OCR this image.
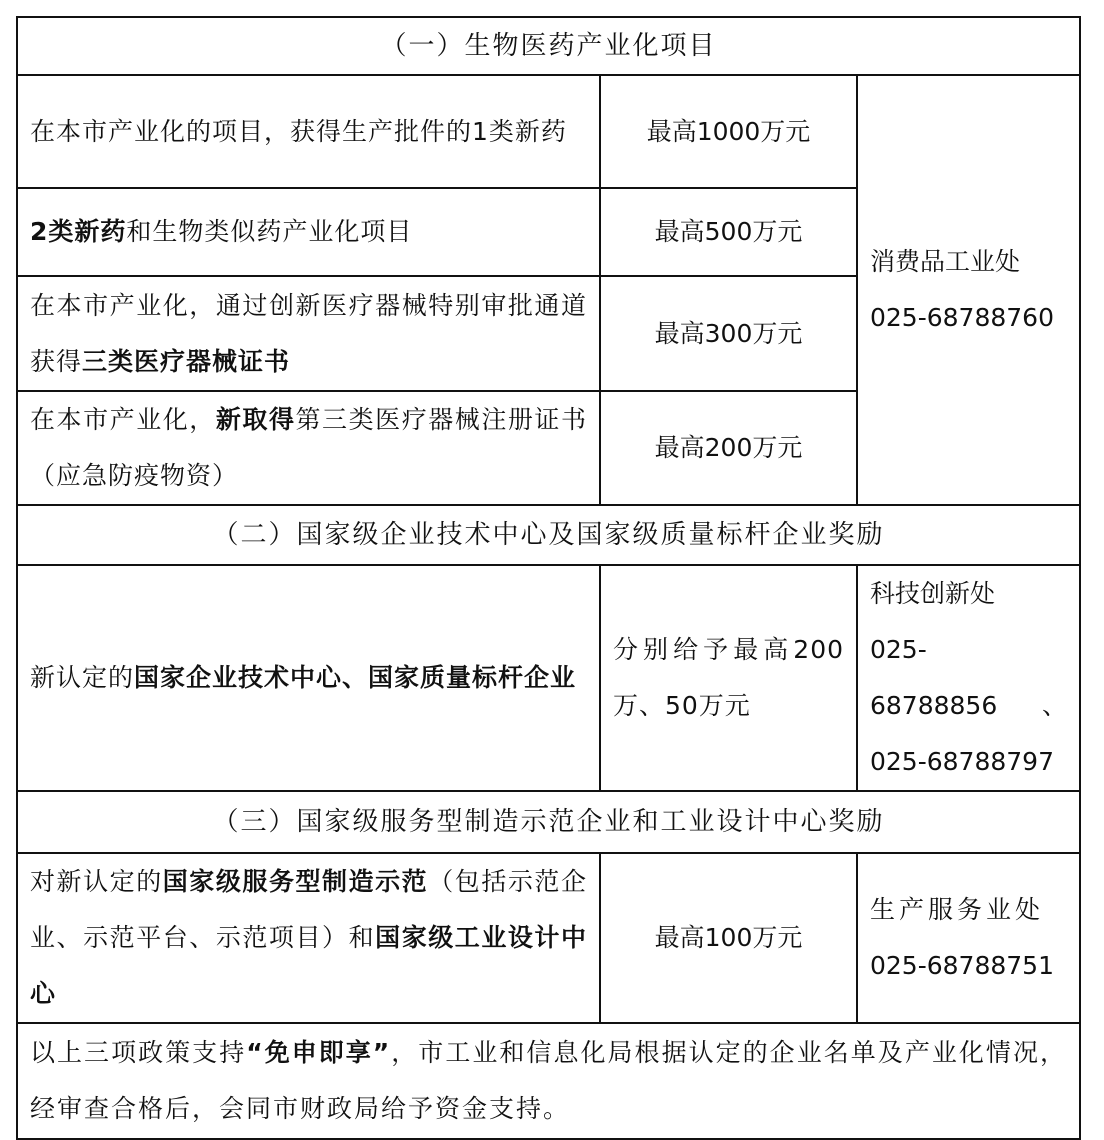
（一）生物医药产业化项目		
在本市产业化的项目，获得生产批件的1类新药	最高1000万元	消费品工业处
025-68788760

2类新药和生物类似药产业化项目	最高500万元	
在本市产业化，通过创新医疗器械特别审批通道获得三类医疗器械证书	最高300万元	
在本市产业化，新取得第三类医疗器械注册证书（应急防疫物资）	最高200万元	
（二）国家级企业技术中心及国家级质量标杆企业奖励		
新认定的国家企业技术中心、国家质量标杆企业	分别给予最高200万、50万元	科技创新处
025-
68788856 、
025-68788797

（三）国家级服务型制造示范企业和工业设计中心奖励		
对新认定的国家级服务型制造示范（包括示范企业、示范平台、示范项目）和国家级工业设计中心	最高100万元	生产服务业处
025-68788751

以上三项政策支持“免申即享”，市工业和信息化局根据认定的企业名单及产业化情况，经审查合格后，会同市财政局给予资金支持。		
